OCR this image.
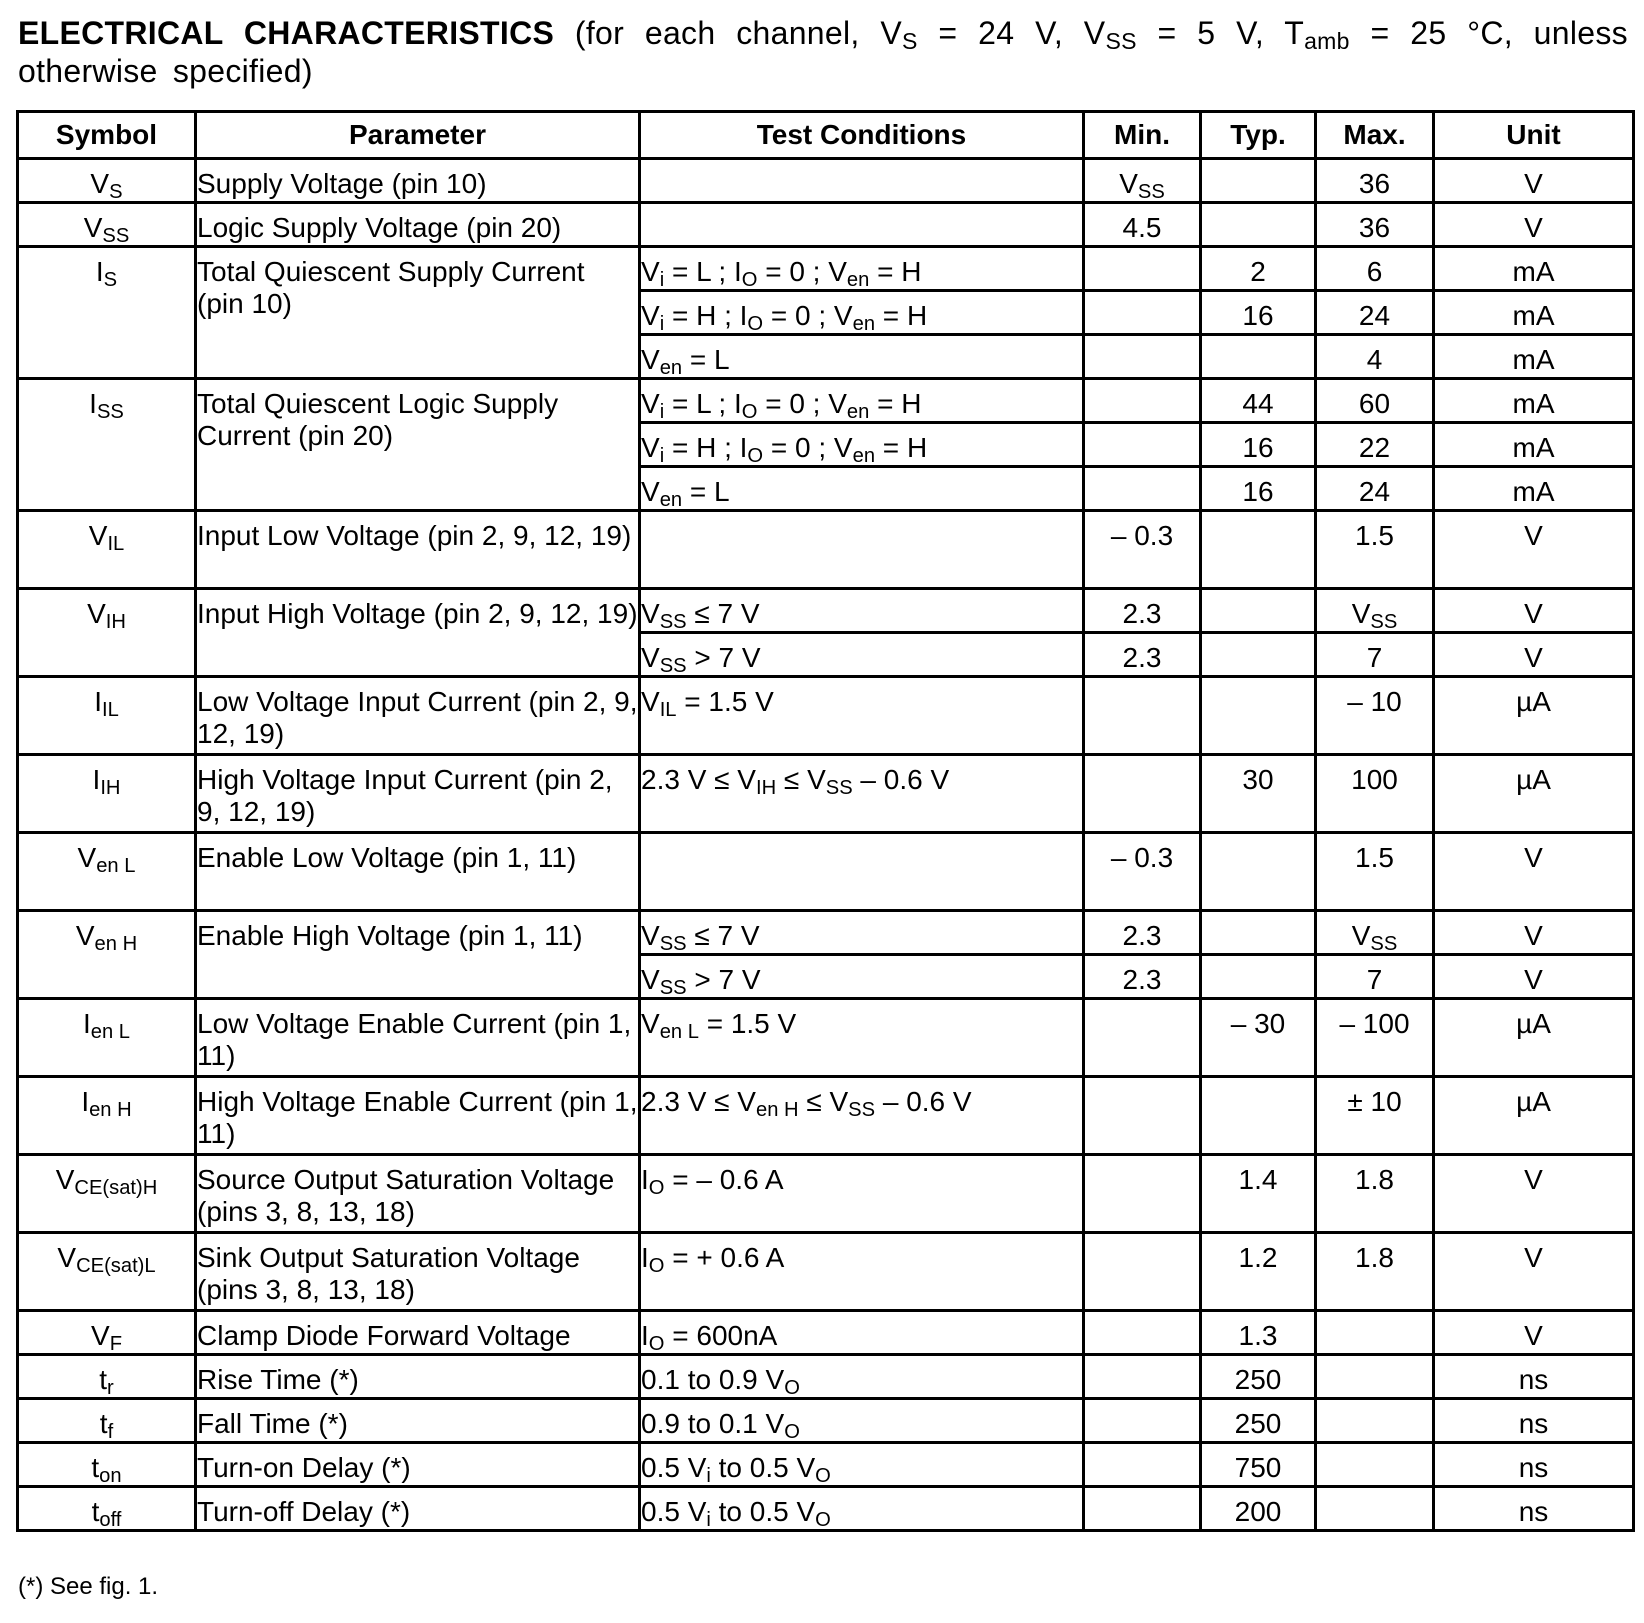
ELECTRICAL CHARACTERISTICS (for each channel, $V_S = 24$ V, $V_{SS} = 5$ V, $T_{amb} = 25$ °C, unless otherwise specified)
Symbol	Parameter	Test Conditions	Min.	Typ.	Max.	Unit
$V_S$	Supply Voltage (pin 10)		$V_{SS}$		36	V
$V_{SS}$	Logic Supply Voltage (pin 20)		4.5		36	V
$I_S$	Total Quiescent Supply Current (pin 10)	$V_i = L$ ; $I_O = 0$ ; $V_{en} = H$		2	6	mA
		$V_i = H$ ; $I_O = 0$ ; $V_{en} = H$		16	24	mA
		$V_{en} = L$			4	mA
$I_{SS}$	Total Quiescent Logic Supply Current (pin 20)	$V_i = L$ ; $I_O = 0$ ; $V_{en} = H$		44	60	mA
		$V_i = H$ ; $I_O = 0$ ; $V_{en} = H$		16	22	mA
		$V_{en} = L$		16	24	mA
$V_{IL}$	Input Low Voltage (pin 2, 9, 12, 19)		– 0.3		1.5	V
$V_{IH}$	Input High Voltage (pin 2, 9, 12, 19)	$V_{SS} \le 7$ V	2.3		$V_{SS}$	V
		$V_{SS} > 7$ V	2.3		7	V
$I_{IL}$	Low Voltage Input Current (pin 2, 9, 12, 19)	$V_{IL} = 1.5$ V			– 10	µA
$I_{IH}$	High Voltage Input Current (pin 2, 9, 12, 19)	2.3 $V \le V_{IH} \le V_{SS} - 0.6$ V		30	100	µA
$V_{en L}$	Enable Low Voltage (pin 1, 11)		– 0.3		1.5	V
$V_{en H}$	Enable High Voltage (pin 1, 11)	$V_{SS} \le 7$ V	2.3		$V_{SS}$	V
		$V_{SS} > 7$ V	2.3		7	V
$I_{en L}$	Low Voltage Enable Current (pin 1, 11)	$V_{en L} = 1.5$ V		– 30	– 100	µA
$I_{en H}$	High Voltage Enable Current (pin 1, 11)	2.3 $V \le V_{en H} \le V_{SS} - 0.6$ V			± 10	µA
$V_{CE(sat)H}$	Source Output Saturation Voltage (pins 3, 8, 13, 18)	$I_O$ = – 0.6 A		1.4	1.8	V
$V_{CE(sat)L}$	Sink Output Saturation Voltage (pins 3, 8, 13, 18)	$I_O$ = + 0.6 A		1.2	1.8	V
$V_F$	Clamp Diode Forward Voltage	$I_O = 600nA$		1.3		V
$t_r$	Rise Time (*)	0.1 to 0.9 $V_O$		250		ns
$t_f$	Fall Time (*)	0.9 to 0.1 $V_O$		250		ns
$t_{on}$	Turn-on Delay (*)	0.5 $V_i$ to 0.5 $V_O$		750		ns
$t_{off}$	Turn-off Delay (*)	0.5 $V_i$ to 0.5 $V_O$		200		ns
(*) See fig. 1.
